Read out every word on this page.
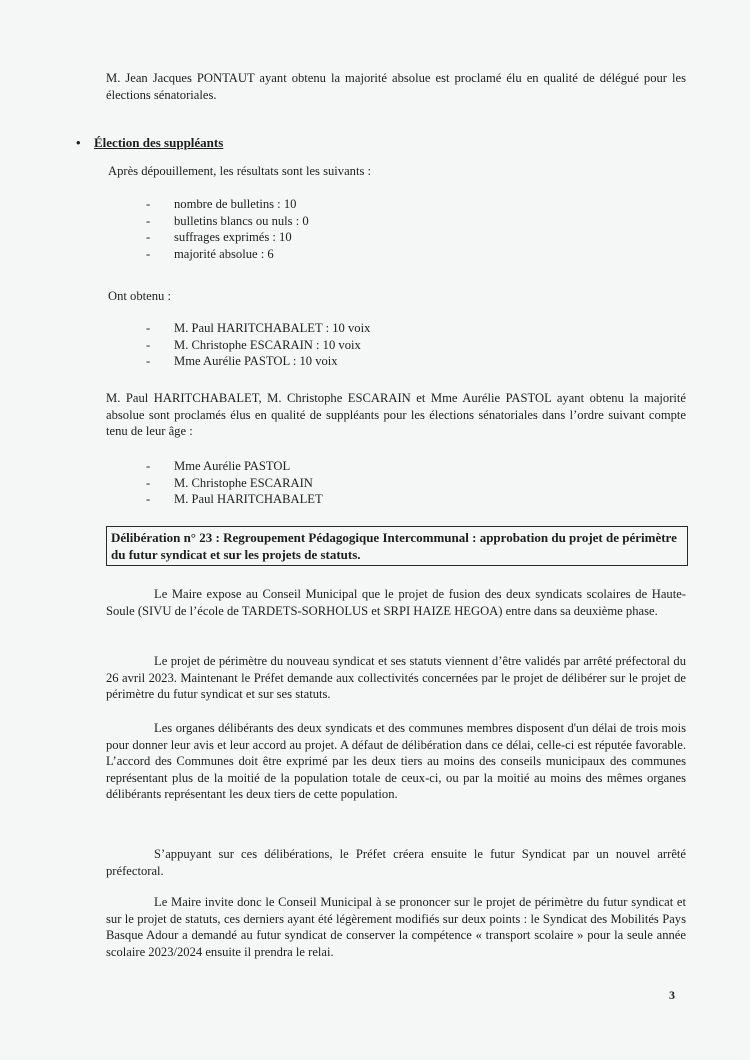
M. Jean Jacques PONTAUT ayant obtenu la majorité absolue est proclamé élu en qualité de délégué pour les élections sénatoriales.
• Élection des suppléants
Après dépouillement, les résultats sont les suivants :
- nombre de bulletins : 10
- bulletins blancs ou nuls : 0
- suffrages exprimés : 10
- majorité absolue : 6
Ont obtenu :
- M. Paul HARITCHABALET : 10 voix
- M. Christophe ESCARAIN : 10 voix
- Mme Aurélie PASTOL : 10 voix
M. Paul HARITCHABALET, M. Christophe ESCARAIN et Mme Aurélie PASTOL ayant obtenu la majorité absolue sont proclamés élus en qualité de suppléants pour les élections sénatoriales dans l’ordre suivant compte tenu de leur âge :
- Mme Aurélie PASTOL
- M. Christophe ESCARAIN
- M. Paul HARITCHABALET
Délibération n° 23 : Regroupement Pédagogique Intercommunal : approbation du projet de périmètre du futur syndicat et sur les projets de statuts.
Le Maire expose au Conseil Municipal que le projet de fusion des deux syndicats scolaires de Haute-Soule (SIVU de l’école de TARDETS-SORHOLUS et SRPI HAIZE HEGOA) entre dans sa deuxième phase.
Le projet de périmètre du nouveau syndicat et ses statuts viennent d’être validés par arrêté préfectoral du 26 avril 2023. Maintenant le Préfet demande aux collectivités concernées par le projet de délibérer sur le projet de périmètre du futur syndicat et sur ses statuts.
Les organes délibérants des deux syndicats et des communes membres disposent d'un délai de trois mois pour donner leur avis et leur accord au projet. A défaut de délibération dans ce délai, celle-ci est réputée favorable. L’accord des Communes doit être exprimé par les deux tiers au moins des conseils municipaux des communes représentant plus de la moitié de la population totale de ceux-ci, ou par la moitié au moins des mêmes organes délibérants représentant les deux tiers de cette population.
S’appuyant sur ces délibérations, le Préfet créera ensuite le futur Syndicat par un nouvel arrêté préfectoral.
Le Maire invite donc le Conseil Municipal à se prononcer sur le projet de périmètre du futur syndicat et sur le projet de statuts, ces derniers ayant été légèrement modifiés sur deux points : le Syndicat des Mobilités Pays Basque Adour a demandé au futur syndicat de conserver la compétence « transport scolaire » pour la seule année scolaire 2023/2024 ensuite il prendra le relai.
3
